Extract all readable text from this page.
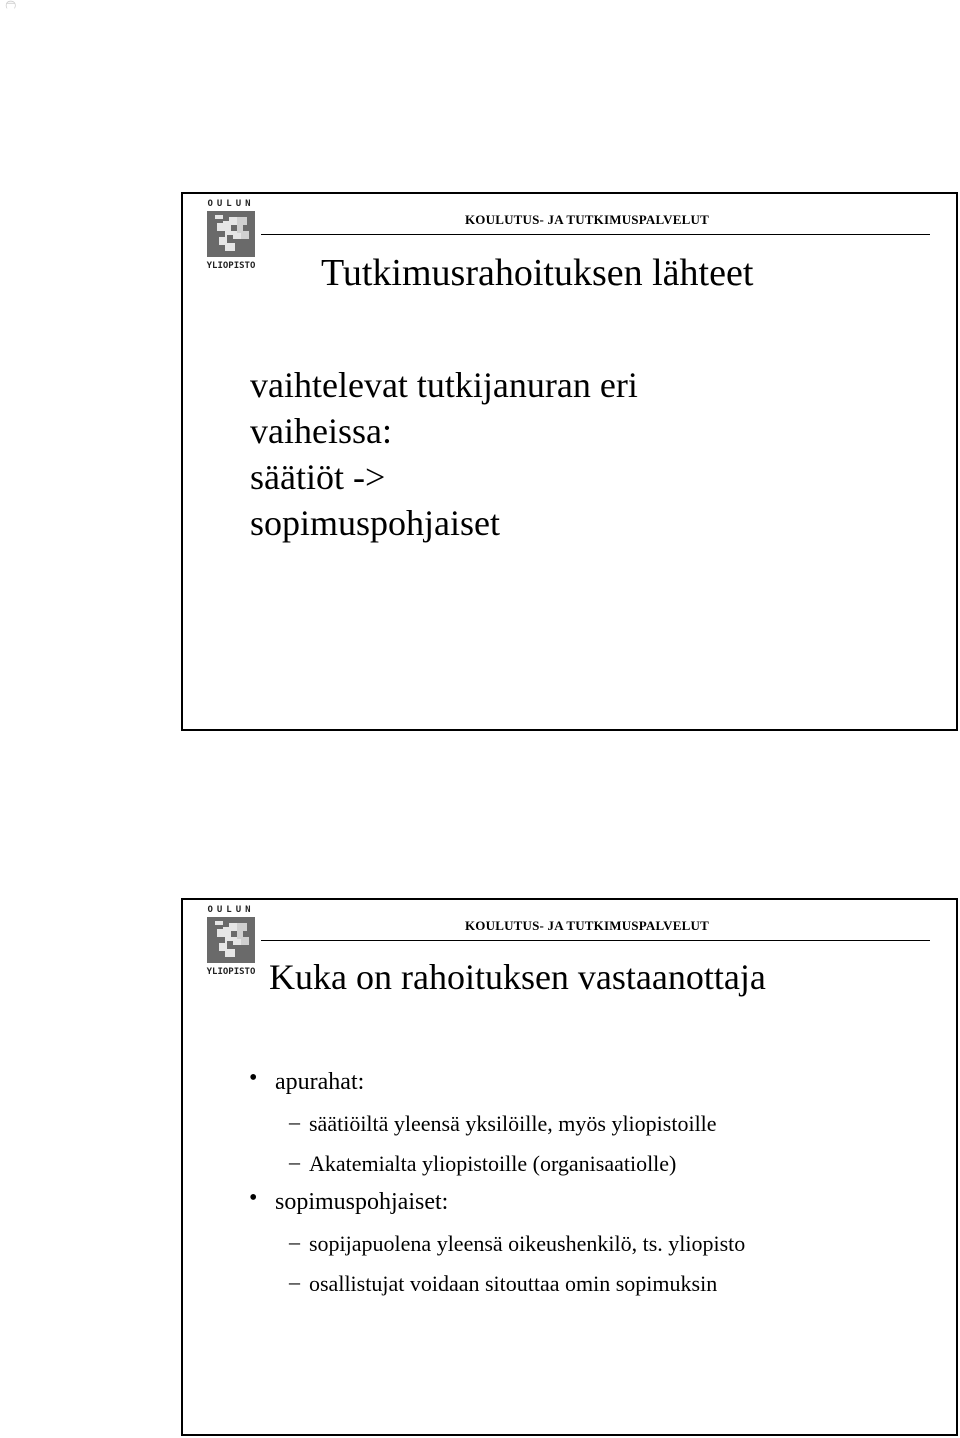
ℂ
OULUN
YLIOPISTO
KOULUTUS- JA TUTKIMUSPALVELUT
Tutkimusrahoituksen lähteet
vaihtelevat tutkijanuran eri
vaiheissa:
säätiöt ->
sopimuspohjaiset
OULUN
YLIOPISTO
KOULUTUS- JA TUTKIMUSPALVELUT
Kuka on rahoituksen vastaanottaja
• apurahat:
– säätiöiltä yleensä yksilöille, myös yliopistoille
– Akatemialta yliopistoille (organisaatiolle)
• sopimuspohjaiset:
– sopijapuolena yleensä oikeushenkilö, ts. yliopisto
– osallistujat voidaan sitouttaa omin sopimuksin
